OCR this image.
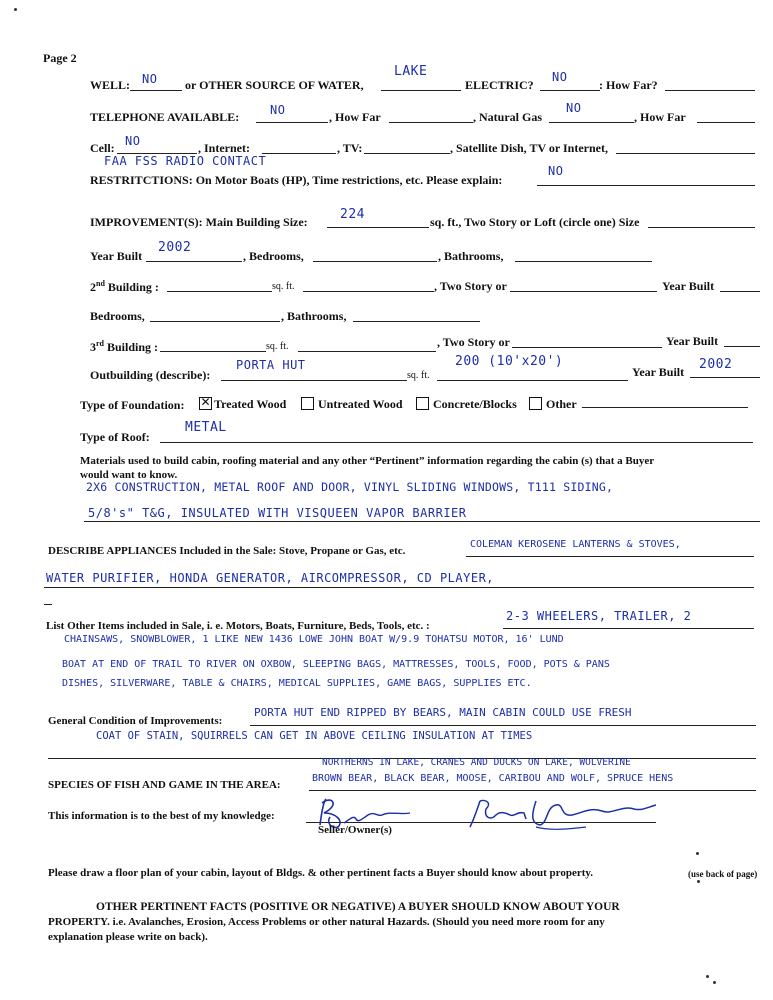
Page 2
WELL: NO or OTHER SOURCE OF WATER,
LAKE
ELECTRIC?
NO
: How Far?
TELEPHONE AVAILABLE:	NO	, How Far	, Natural Gas
NO
, How Far
Cell: NO	, Internet:	, TV:	, Satellite Dish, TV or Internet,
FAA FSS RADIO CONTACT
RESTRITCTIONS: On Motor Boats (HP), Time restrictions, etc. Please explain:
NO
IMPROVEMENT(S): Main Building Size: 224	sq. ft., Two Story or Loft (circle one) Size
Year Built
2002
, Bedrooms,	, Bathrooms,
2nd Building :	sq. ft.	, Two Story or	Year Built
Bedrooms,	, Bathrooms,
3rd Building :	sq. ft.	, Two Story or	Year Built
Outbuilding (describe):
PORTA HUT
sq. ft.
200 (10'x20')
Year Built 2002
Type of Foundation: ✕ Treated Wood	Untreated Wood	Concrete/Blocks Other
Type of Roof:
METAL
Materials used to build cabin, roofing material and any other “Pertinent” information regarding the cabin (s) that a Buyer
would want to know.
2X6 CONSTRUCTION, METAL ROOF AND DOOR, VINYL SLIDING WINDOWS, T111 SIDING,
5/8's" T&G, INSULATED WITH VISQUEEN VAPOR BARRIER
DESCRIBE APPLIANCES Included in the Sale: Stove, Propane or Gas, etc.
COLEMAN KEROSENE LANTERNS & STOVES,
WATER PURIFIER, HONDA GENERATOR, AIRCOMPRESSOR, CD PLAYER,
List Other Items included in Sale, i. e. Motors, Boats, Furniture, Beds, Tools, etc. :
2-3 WHEELERS, TRAILER, 2
CHAINSAWS, SNOWBLOWER, 1 LIKE NEW 1436 LOWE JOHN BOAT W/9.9 TOHATSU MOTOR, 16' LUND
BOAT AT END OF TRAIL TO RIVER ON OXBOW, SLEEPING BAGS, MATTRESSES, TOOLS, FOOD, POTS & PANS
DISHES, SILVERWARE, TABLE & CHAIRS, MEDICAL SUPPLIES, GAME BAGS, SUPPLIES ETC.
General Condition of Improvements:
PORTA HUT END RIPPED BY BEARS, MAIN CABIN COULD USE FRESH
COAT OF STAIN, SQUIRRELS CAN GET IN ABOVE CEILING INSULATION AT TIMES
NORTHERNS IN LAKE, CRANES AND DUCKS ON LAKE, WOLVERINE
SPECIES OF FISH AND GAME IN THE AREA:
BROWN BEAR, BLACK BEAR, MOOSE, CARIBOU AND WOLF, SPRUCE HENS
This information is to the best of my knowledge:
Seller/Owner(s)
Please draw a floor plan of your cabin, layout of Bldgs. & other pertinent facts a Buyer should know about property.	(use back of page)
OTHER PERTINENT FACTS (POSITIVE OR NEGATIVE) A BUYER SHOULD KNOW ABOUT YOUR
PROPERTY. i.e. Avalanches, Erosion, Access Problems or other natural Hazards. (Should you need more room for any
explanation please write on back).
